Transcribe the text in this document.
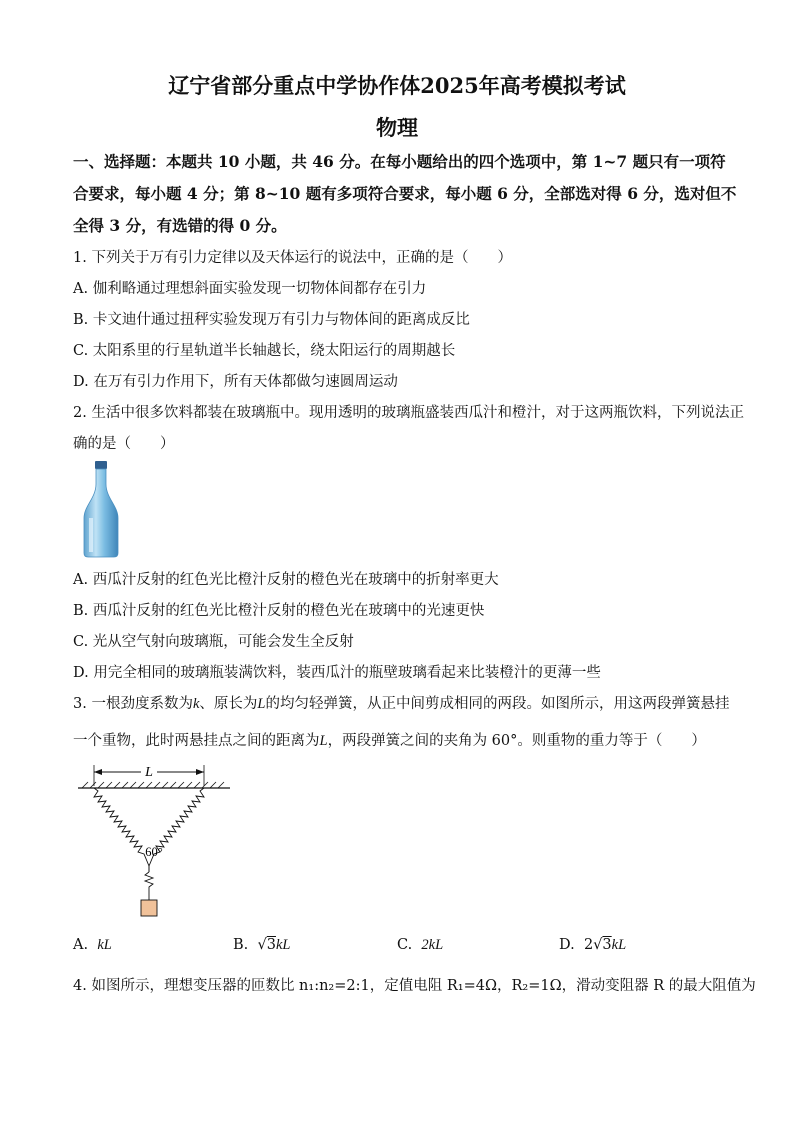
辽宁省部分重点中学协作体2025年高考模拟考试
物理
一、选择题：本题共 10 小题，共 46 分。在每小题给出的四个选项中，第 1~7 题只有一项符
合要求，每小题 4 分；第 8~10 题有多项符合要求，每小题 6 分，全部选对得 6 分，选对但不
全得 3 分，有选错的得 0 分。
1. 下列关于万有引力定律以及天体运行的说法中，正确的是（　　）
A. 伽利略通过理想斜面实验发现一切物体间都存在引力
B. 卡文迪什通过扭秤实验发现万有引力与物体间的距离成反比
C. 太阳系里的行星轨道半长轴越长，绕太阳运行的周期越长
D. 在万有引力作用下，所有天体都做匀速圆周运动
2. 生活中很多饮料都装在玻璃瓶中。现用透明的玻璃瓶盛装西瓜汁和橙汁，对于这两瓶饮料，下列说法正
确的是（　　）
A. 西瓜汁反射的红色光比橙汁反射的橙色光在玻璃中的折射率更大
B. 西瓜汁反射的红色光比橙汁反射的橙色光在玻璃中的光速更快
C. 光从空气射向玻璃瓶，可能会发生全反射
D. 用完全相同的玻璃瓶装满饮料，装西瓜汁的瓶壁玻璃看起来比装橙汁的更薄一些
3. 一根劲度系数为k、原长为L的均匀轻弹簧，从正中间剪成相同的两段。如图所示，用这两段弹簧悬挂
一个重物，此时两悬挂点之间的距离为L，两段弹簧之间的夹角为 60°。则重物的重力等于（　　）
L
60°
A. kL	B.  √3kL	C. 2kL	D. 2√3kL
4. 如图所示，理想变压器的匝数比 n₁:n₂=2:1，定值电阻 R₁=4Ω，R₂=1Ω，滑动变阻器 R 的最大阻值为
